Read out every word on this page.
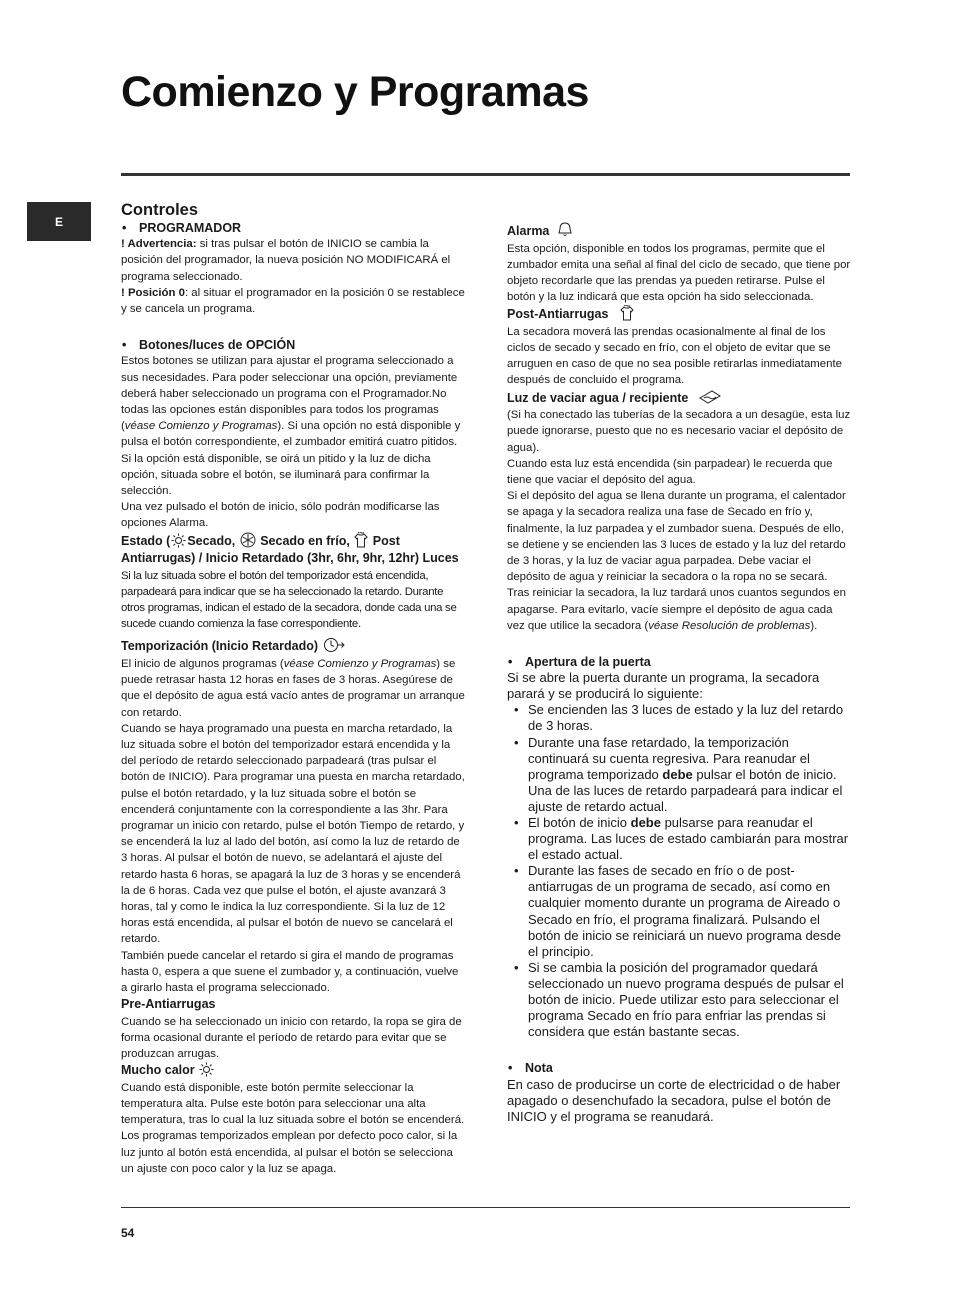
Comienzo y Programas
E

Controles

• PROGRAMADOR

! Advertencia: si tras pulsar el botón de INICIO se cambia la posición del programador, la nueva posición NO MODIFICARÁ el programa seleccionado.

! Posición 0: al situar el programador en la posición 0 se restablece y se cancela un programa.

• Botones/luces de OPCIÓN

Estos botones se utilizan para ajustar el programa seleccionado a sus necesidades. Para poder seleccionar una opción, previamente deberá haber seleccionado un programa con el Programador.No todas las opciones están disponibles para todos los programas (véase Comienzo y Programas). Si una opción no está disponible y pulsa el botón correspondiente, el zumbador emitirá cuatro pitidos. Si la opción está disponible, se oirá un pitido y la luz de dicha opción, situada sobre el botón, se iluminará para confirmar la selección.

Una vez pulsado el botón de inicio, sólo podrán modificarse las opciones Alarma.

Estado ( Secado,
Secado en frío,
Post Antiarrugas) / Inicio Retardado (3hr, 6hr, 9hr, 12hr) Luces

Si la luz situada sobre el botón del temporizador está encendida, parpadeará para indicar que se ha seleccionado la retardo. Durante otros programas, indican el estado de la secadora, donde cada una se sucede cuando comienza la fase correspondiente.

Temporización (Inicio Retardado)

El inicio de algunos programas (véase Comienzo y Programas) se puede retrasar hasta 12 horas en fases de 3 horas. Asegúrese de que el depósito de agua está vacío antes de programar un arranque con retardo.

Cuando se haya programado una puesta en marcha retardado, la luz situada sobre el botón del temporizador estará encendida y la del período de retardo seleccionado parpadeará (tras pulsar el botón de INICIO). Para programar una puesta en marcha retardado, pulse el botón retardado, y la luz situada sobre el botón se encenderá conjuntamente con la correspondiente a las 3hr. Para programar un inicio con retardo, pulse el botón Tiempo de retardo, y se encenderá la luz al lado del botón, así como la luz de retardo de 3 horas. Al pulsar el botón de nuevo, se adelantará el ajuste del retardo hasta 6 horas, se apagará la luz de 3 horas y se encenderá la de 6 horas. Cada vez que pulse el botón, el ajuste avanzará 3 horas, tal y como le indica la luz correspondiente. Si la luz de 12 horas está encendida, al pulsar el botón de nuevo se cancelará el retardo.

También puede cancelar el retardo si gira el mando de programas hasta 0, espera a que suene el zumbador y, a continuación, vuelve a girarlo hasta el programa seleccionado.

Pre-Antiarrugas

Cuando se ha seleccionado un inicio con retardo, la ropa se gira de forma ocasional durante el período de retardo para evitar que se produzcan arrugas.

Mucho calor

Cuando está disponible, este botón permite seleccionar la temperatura alta. Pulse este botón para seleccionar una alta temperatura, tras lo cual la luz situada sobre el botón se encenderá. Los programas temporizados emplean por defecto poco calor, si la luz junto al botón está encendida, al pulsar el botón se selecciona un ajuste con poco calor y la luz se apaga.

Alarma

Esta opción, disponible en todos los programas, permite que el zumbador emita una señal al final del ciclo de secado, que tiene por objeto recordarle que las prendas ya pueden retirarse. Pulse el botón y la luz indicará que esta opción ha sido seleccionada.

Post-Antiarrugas

La secadora moverá las prendas ocasionalmente al final de los ciclos de secado y secado en frío, con el objeto de evitar que se arruguen en caso de que no sea posible retirarlas inmediatamente después de concluido el programa.

Luz de vaciar agua / recipiente

(Si ha conectado las tuberías de la secadora a un desagüe, esta luz puede ignorarse, puesto que no es necesario vaciar el depósito de agua).

Cuando esta luz está encendida (sin parpadear) le recuerda que tiene que vaciar el depósito del agua.

Si el depósito del agua se llena durante un programa, el calentador se apaga y la secadora realiza una fase de Secado en frío y, finalmente, la luz parpadea y el zumbador suena. Después de ello, se detiene y se encienden las 3 luces de estado y la luz del retardo de 3 horas, y la luz de vaciar agua parpadea. Debe vaciar el depósito de agua y reiniciar la secadora o la ropa no se secará. Tras reiniciar la secadora, la luz tardará unos cuantos segundos en apagarse. Para evitarlo, vacíe siempre el depósito de agua cada vez que utilice la secadora (véase Resolución de problemas).

• Apertura de la puerta

Si se abre la puerta durante un programa, la secadora parará y se producirá lo siguiente:

• Se encienden las 3 luces de estado y la luz del retardo de 3 horas.
• Durante una fase retardado, la temporización continuará su cuenta regresiva. Para reanudar el programa temporizado debe pulsar el botón de inicio. Una de las luces de retardo parpadeará para indicar el ajuste de retardo actual.
• El botón de inicio debe pulsarse para reanudar el programa. Las luces de estado cambiarán para mostrar el estado actual.
• Durante las fases de secado en frío o de post-antiarrugas de un programa de secado, así como en cualquier momento durante un programa de Aireado o Secado en frío, el programa finalizará. Pulsando el botón de inicio se reiniciará un nuevo programa desde el principio.
• Si se cambia la posición del programador quedará seleccionado un nuevo programa después de pulsar el botón de inicio. Puede utilizar esto para seleccionar el programa Secado en frío para enfriar las prendas si considera que están bastante secas.

• Nota

En caso de producirse un corte de electricidad o de haber apagado o desenchufado la secadora, pulse el botón de INICIO y el programa se reanudará.

54
